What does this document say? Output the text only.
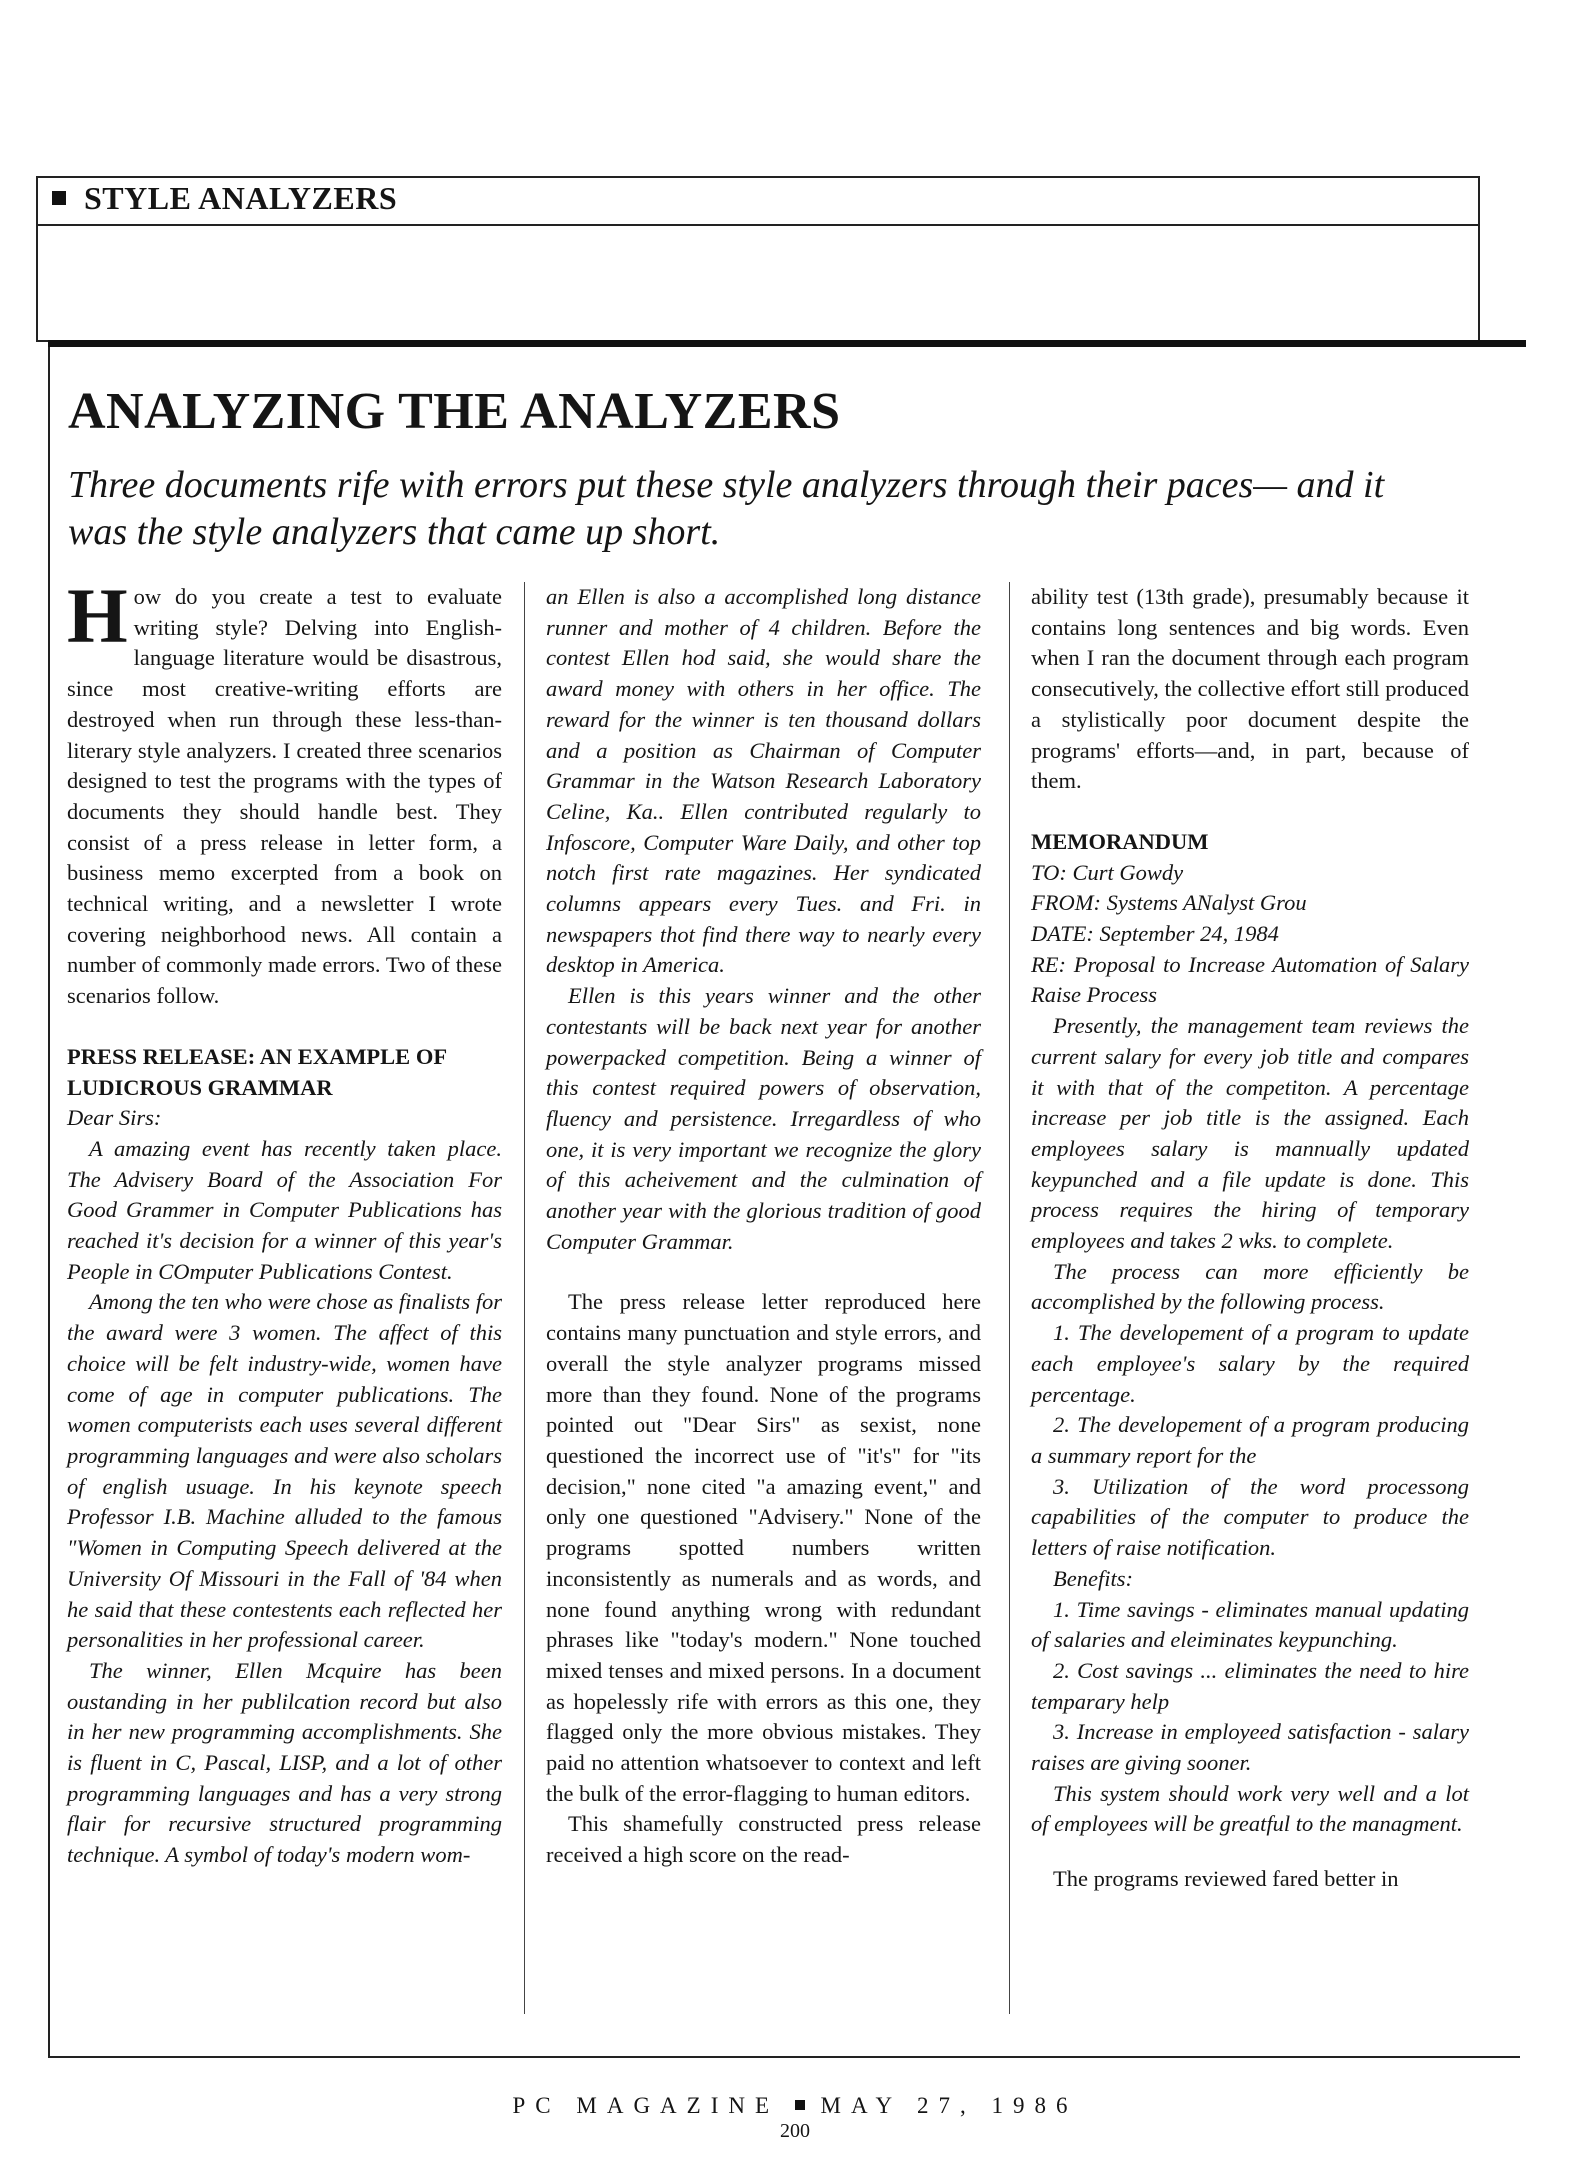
STYLE ANALYZERS
ANALYZING THE ANALYZERS
Three documents rife with errors put these style analyzers through their paces— and it was the style analyzers that came up short.

How do you create a test to evaluate writing style? Delving into English-language literature would be disastrous, since most creative-writing efforts are destroyed when run through these less-than-literary style analyzers. I created three scenarios designed to test the programs with the types of documents they should handle best. They consist of a press release in letter form, a business memo excerpted from a book on technical writing, and a newsletter I wrote covering neighborhood news. All contain a number of commonly made errors. Two of these scenarios follow.

PRESS RELEASE: AN EXAMPLE OF LUDICROUS GRAMMAR

Dear Sirs:

A amazing event has recently taken place. The Advisery Board of the Association For Good Grammer in Computer Publications has reached it's decision for a winner of this year's People in COmputer Publications Contest.

Among the ten who were chose as finalists for the award were 3 women. The affect of this choice will be felt industry-wide, women have come of age in computer publications. The women computerists each uses several different programming languages and were also scholars of english usuage. In his keynote speech Professor I.B. Machine alluded to the famous "Women in Computing Speech delivered at the University Of Missouri in the Fall of '84 when he said that these contestents each reflected her personalities in her professional career.

The winner, Ellen Mcquire has been oustanding in her publilcation record but also in her new programming accomplishments. She is fluent in C, Pascal, LISP, and a lot of other programming languages and has a very strong flair for recursive structured programming technique. A symbol of today's modern wom-

an Ellen is also a accomplished long distance runner and mother of 4 children. Before the contest Ellen hod said, she would share the award money with others in her office. The reward for the winner is ten thousand dollars and a position as Chairman of Computer Grammar in the Watson Research Laboratory Celine, Ka.. Ellen contributed regularly to Infoscore, Computer Ware Daily, and other top notch first rate magazines. Her syndicated columns appears every Tues. and Fri. in newspapers thot find there way to nearly every desktop in America.

Ellen is this years winner and the other contestants will be back next year for another powerpacked competition. Being a winner of this contest required powers of observation, fluency and persistence. Irregardless of who one, it is very important we recognize the glory of this acheivement and the culmination of another year with the glorious tradition of good Computer Grammar.

The press release letter reproduced here contains many punctuation and style errors, and overall the style analyzer programs missed more than they found. None of the programs pointed out "Dear Sirs" as sexist, none questioned the incorrect use of "it's" for "its decision," none cited "a amazing event," and only one questioned "Advisery." None of the programs spotted numbers written inconsistently as numerals and as words, and none found anything wrong with redundant phrases like "today's modern." None touched mixed tenses and mixed persons. In a document as hopelessly rife with errors as this one, they flagged only the more obvious mistakes. They paid no attention whatsoever to context and left the bulk of the error-flagging to human editors.

This shamefully constructed press release received a high score on the read-

ability test (13th grade), presumably because it contains long sentences and big words. Even when I ran the document through each program consecutively, the collective effort still produced a stylistically poor document despite the programs' efforts—and, in part, because of them.

MEMORANDUM

TO: Curt Gowdy

FROM: Systems ANalyst Grou

DATE: September 24, 1984

RE: Proposal to Increase Automation of Salary Raise Process

Presently, the management team reviews the current salary for every job title and compares it with that of the competiton. A percentage increase per job title is the assigned. Each employees salary is mannually updated keypunched and a file update is done. This process requires the hiring of temporary employees and takes 2 wks. to complete.

The process can more efficiently be accomplished by the following process.

1. The developement of a program to update each employee's salary by the required percentage.

2. The developement of a program producing a summary report for the

3. Utilization of the word processong capabilities of the computer to produce the letters of raise notification.

Benefits:

1. Time savings - eliminates manual updating of salaries and eleiminates keypunching.

2. Cost savings ... eliminates the need to hire temparary help

3. Increase in employeed satisfaction - salary raises are giving sooner.

This system should work very well and a lot of employees will be greatful to the managment.

The programs reviewed fared better in

PC MAGAZINE MAY 27, 1986
200
